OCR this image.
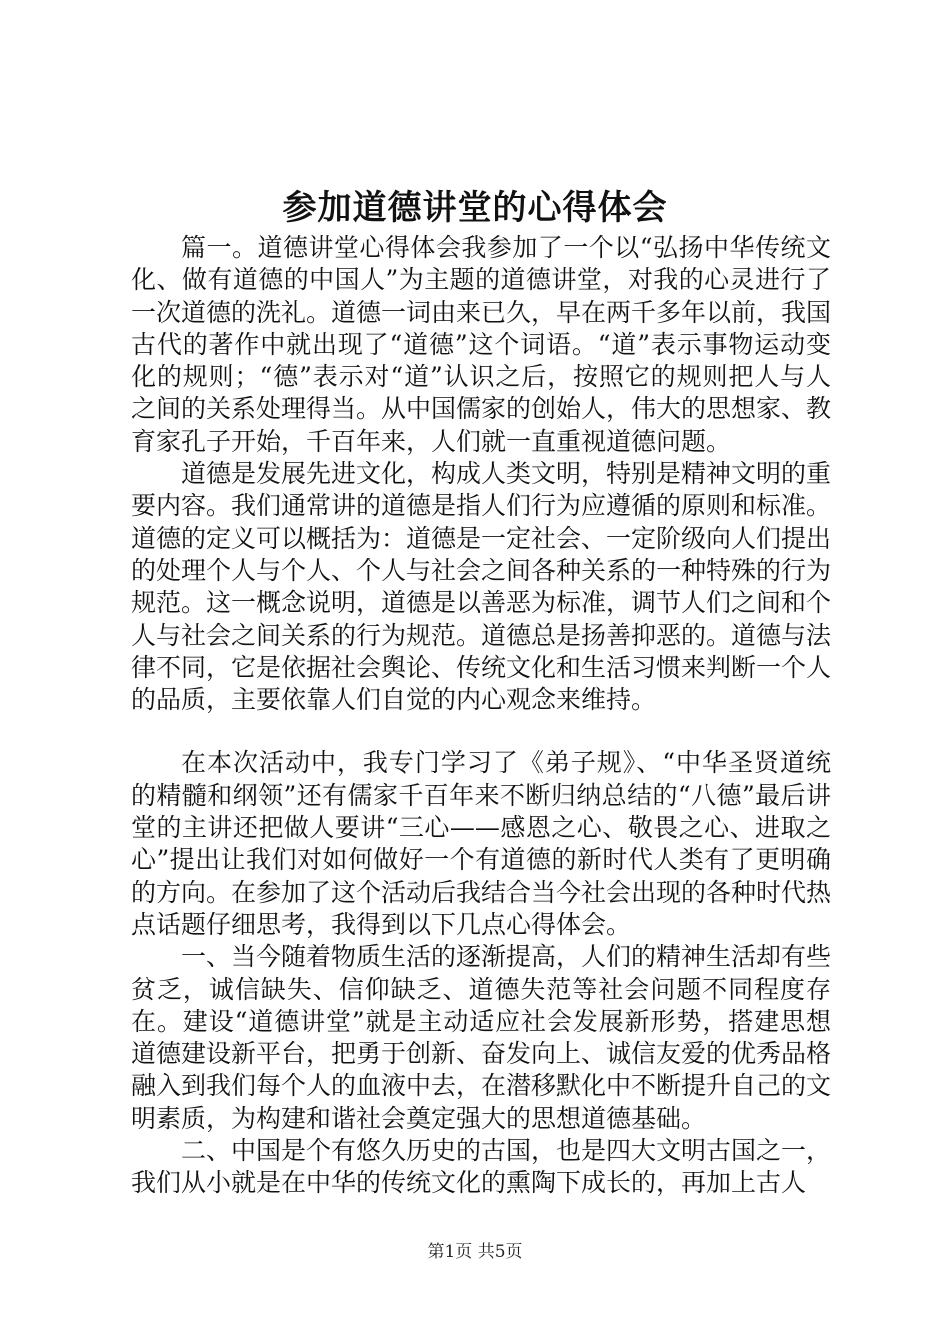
参加道德讲堂的心得体会

篇一。道德讲堂心得体会我参加了一个以“弘扬中华传统文化、做有道德的中国人”为主题的道德讲堂，对我的心灵进行了一次道德的洗礼。道德一词由来已久，早在两千多年以前，我国古代的著作中就出现了“道德”这个词语。“道”表示事物运动变化的规则；“德”表示对“道”认识之后，按照它的规则把人与人之间的关系处理得当。从中国儒家的创始人，伟大的思想家、教育家孔子开始，千百年来，人们就一直重视道德问题。

道德是发展先进文化，构成人类文明，特别是精神文明的重要内容。我们通常讲的道德是指人们行为应遵循的原则和标准。道德的定义可以概括为：道德是一定社会、一定阶级向人们提出的处理个人与个人、个人与社会之间各种关系的一种特殊的行为规范。这一概念说明，道德是以善恶为标准，调节人们之间和个人与社会之间关系的行为规范。道德总是扬善抑恶的。道德与法律不同，它是依据社会舆论、传统文化和生活习惯来判断一个人的品质，主要依靠人们自觉的内心观念来维持。

在本次活动中，我专门学习了《弟子规》、“中华圣贤道统的精髓和纲领”还有儒家千百年来不断归纳总结的“八德”最后讲堂的主讲还把做人要讲“三心——感恩之心、敬畏之心、进取之心”提出让我们对如何做好一个有道德的新时代人类有了更明确的方向。在参加了这个活动后我结合当今社会出现的各种时代热点话题仔细思考，我得到以下几点心得体会。

一、当今随着物质生活的逐渐提高，人们的精神生活却有些贫乏，诚信缺失、信仰缺乏、道德失范等社会问题不同程度存在。建设“道德讲堂”就是主动适应社会发展新形势，搭建思想道德建设新平台，把勇于创新、奋发向上、诚信友爱的优秀品格融入到我们每个人的血液中去，在潜移默化中不断提升自己的文明素质，为构建和谐社会奠定强大的思想道德基础。

二、中国是个有悠久历史的古国，也是四大文明古国之一，我们从小就是在中华的传统文化的熏陶下成长的，再加上古人

第1页 共5页
